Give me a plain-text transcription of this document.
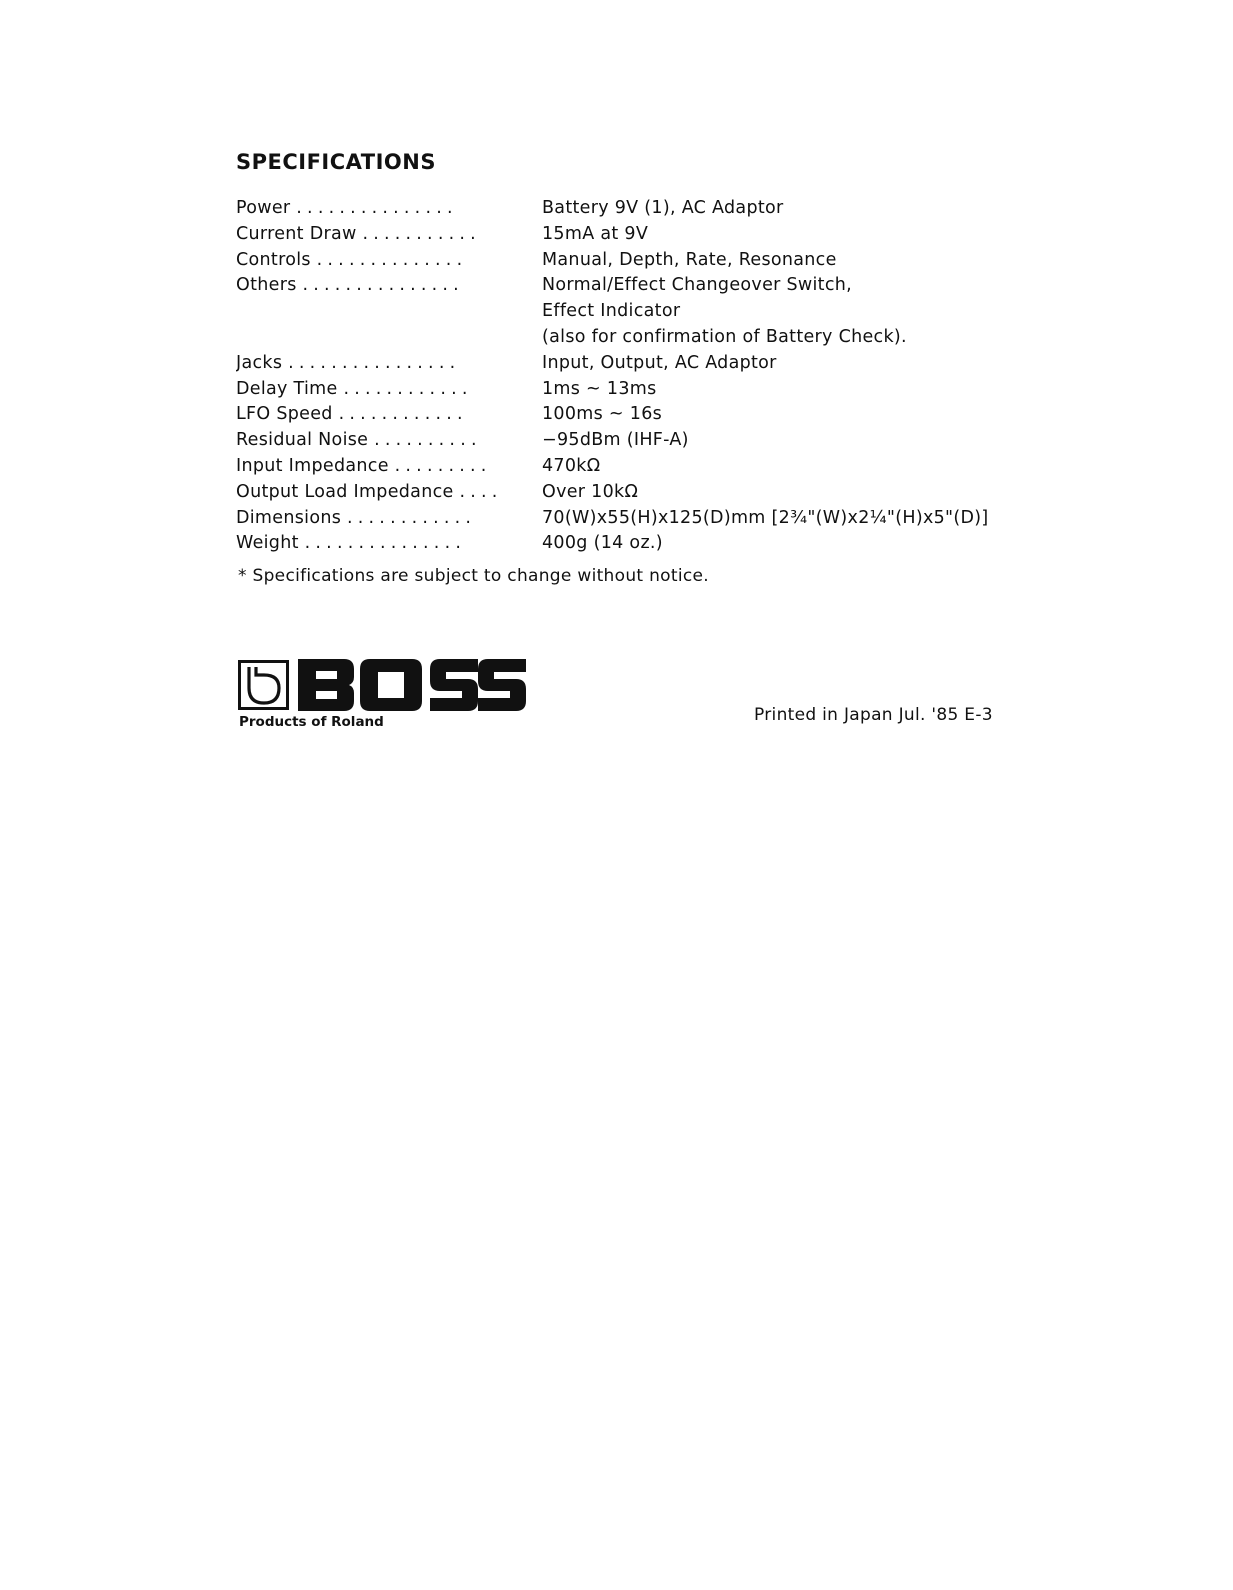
SPECIFICATIONS
Power ...............	Battery 9V (1), AC Adaptor
Current Draw ...........	15mA at 9V
Controls ..............	Manual, Depth, Rate, Resonance
Others ...............	Normal/Effect Changeover Switch,
Effect Indicator
(also for confirmation of Battery Check).
Jacks ................	Input, Output, AC Adaptor
Delay Time ............	1ms ~ 13ms
LFO Speed ............	100ms ~ 16s
Residual Noise ..........	−95dBm (IHF-A)
Input Impedance .........	470kΩ
Output Load Impedance ....	Over 10kΩ
Dimensions ............	70(W)x55(H)x125(D)mm [2¾"(W)x2¼"(H)x5"(D)]
Weight ...............	400g (14 oz.)

* Specifications are subject to change without notice.

Products of Roland	Printed in Japan Jul. '85 E-3
